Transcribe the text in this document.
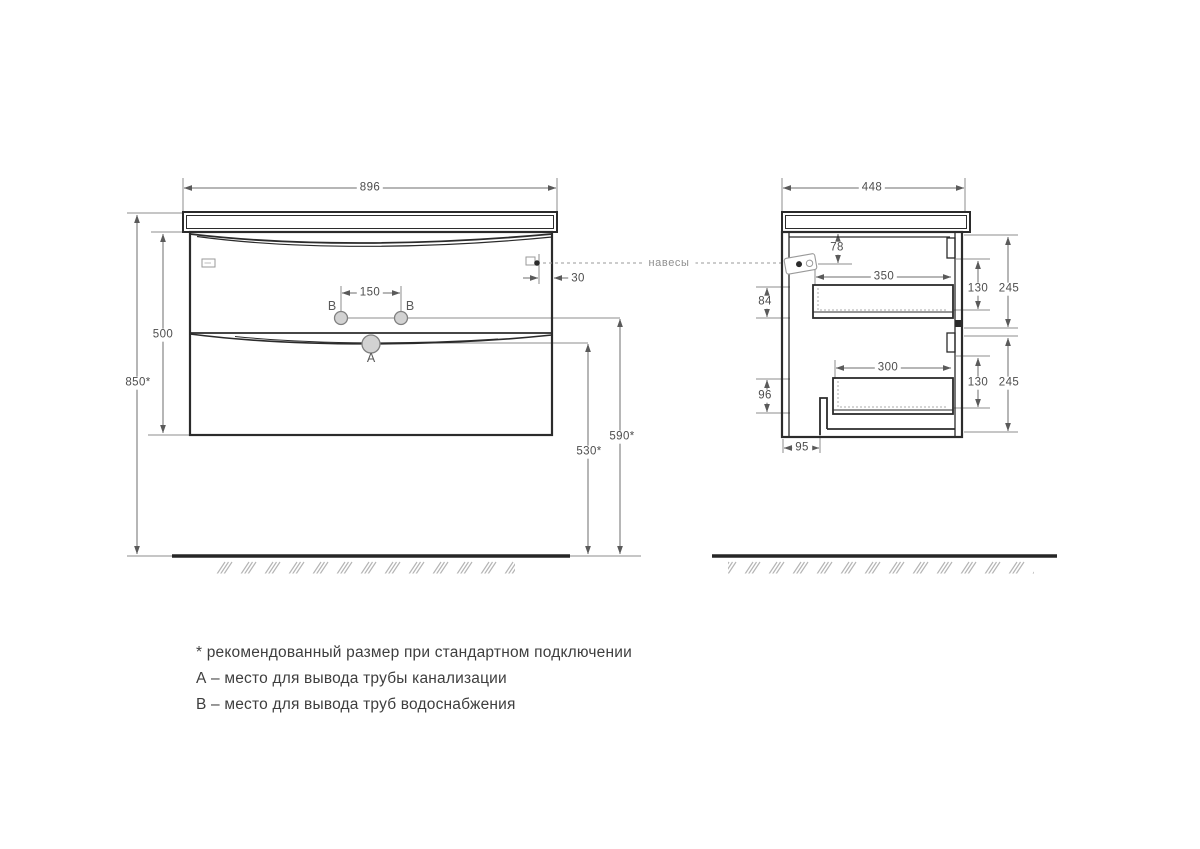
896
850*
500
150
30
590*
530*
В	В
А
навесы
448
78
84
350
130 245
300
96
130 245
95
* рекомендованный размер при стандартном подключении
А – место для вывода трубы канализации
В – место для вывода труб водоснабжения
